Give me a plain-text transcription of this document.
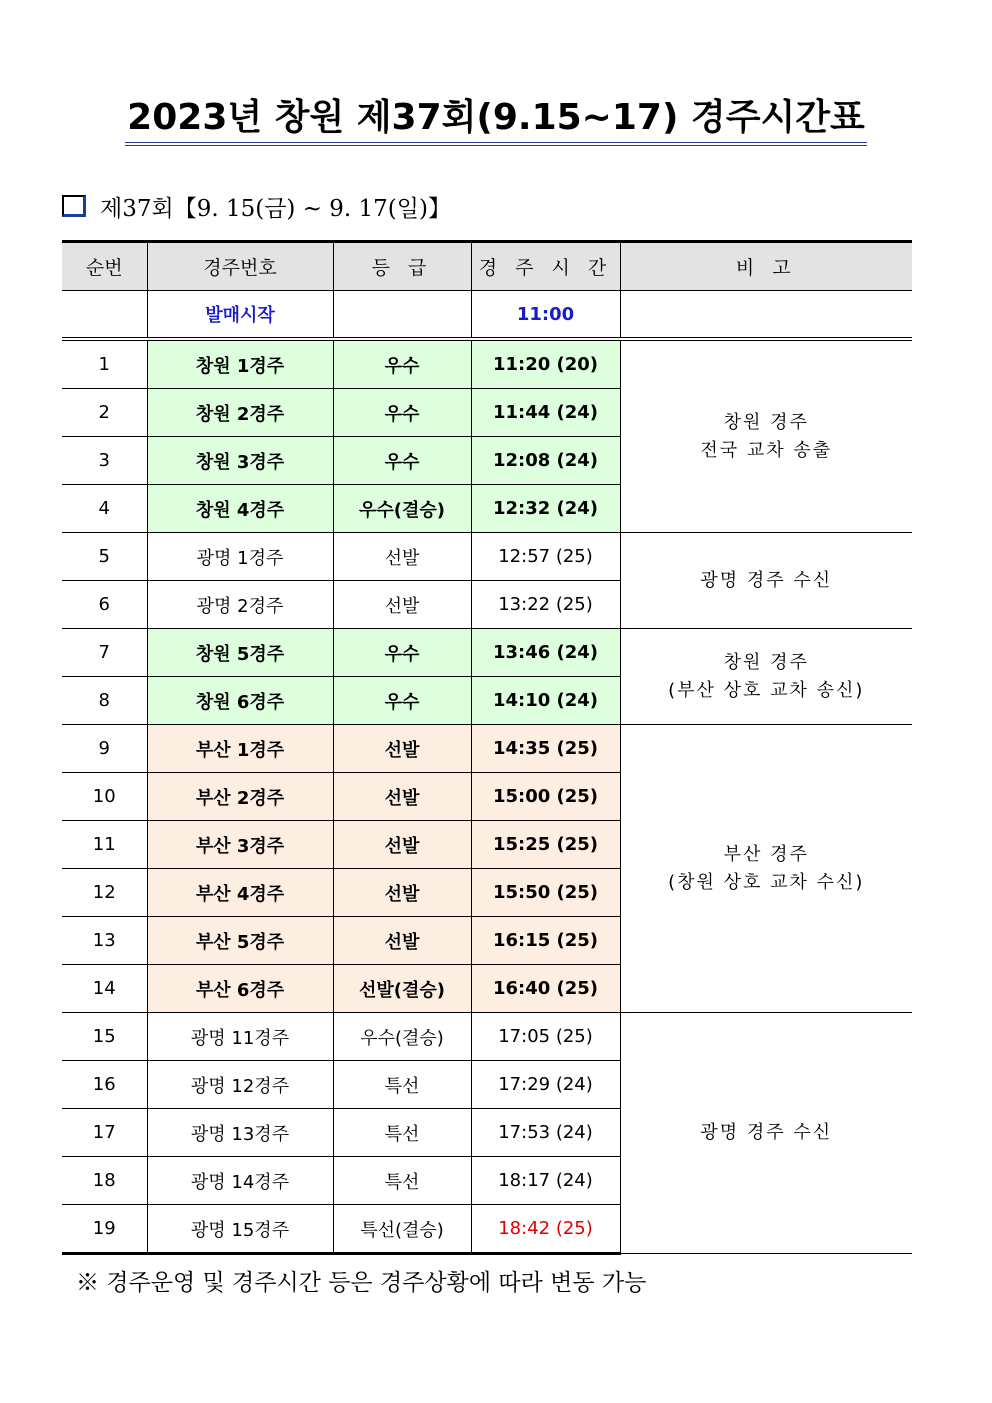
2023년 창원 제37회(9.15~17) 경주시간표
제37회【9. 15(금) ~ 9. 17(일)】
순번	경주번호	등 급	경 주 시 간	비 고
	발매시작		11:00	
1	창원 1경주	우수	11:20 (20)	창원 경주
전국 교차 송출

2	창원 2경주	우수	11:44 (24)	
3	창원 3경주	우수	12:08 (24)	
4	창원 4경주	우수(결승)	12:32 (24)	
5	광명 1경주	선발	12:57 (25)	광명 경주 수신

6	광명 2경주	선발	13:22 (25)	
7	창원 5경주	우수	13:46 (24)	창원 경주
(부산 상호 교차 송신)

8	창원 6경주	우수	14:10 (24)	
9	부산 1경주	선발	14:35 (25)	부산 경주
(창원 상호 교차 수신)

10	부산 2경주	선발	15:00 (25)	
11	부산 3경주	선발	15:25 (25)	
12	부산 4경주	선발	15:50 (25)	
13	부산 5경주	선발	16:15 (25)	
14	부산 6경주	선발(결승)	16:40 (25)	
15	광명 11경주	우수(결승)	17:05 (25)	광명 경주 수신

16	광명 12경주	특선	17:29 (24)	
17	광명 13경주	특선	17:53 (24)	
18	광명 14경주	특선	18:17 (24)	
19	광명 15경주	특선(결승)	18:42 (25)	
※ 경주운영 및 경주시간 등은 경주상황에 따라 변동 가능
